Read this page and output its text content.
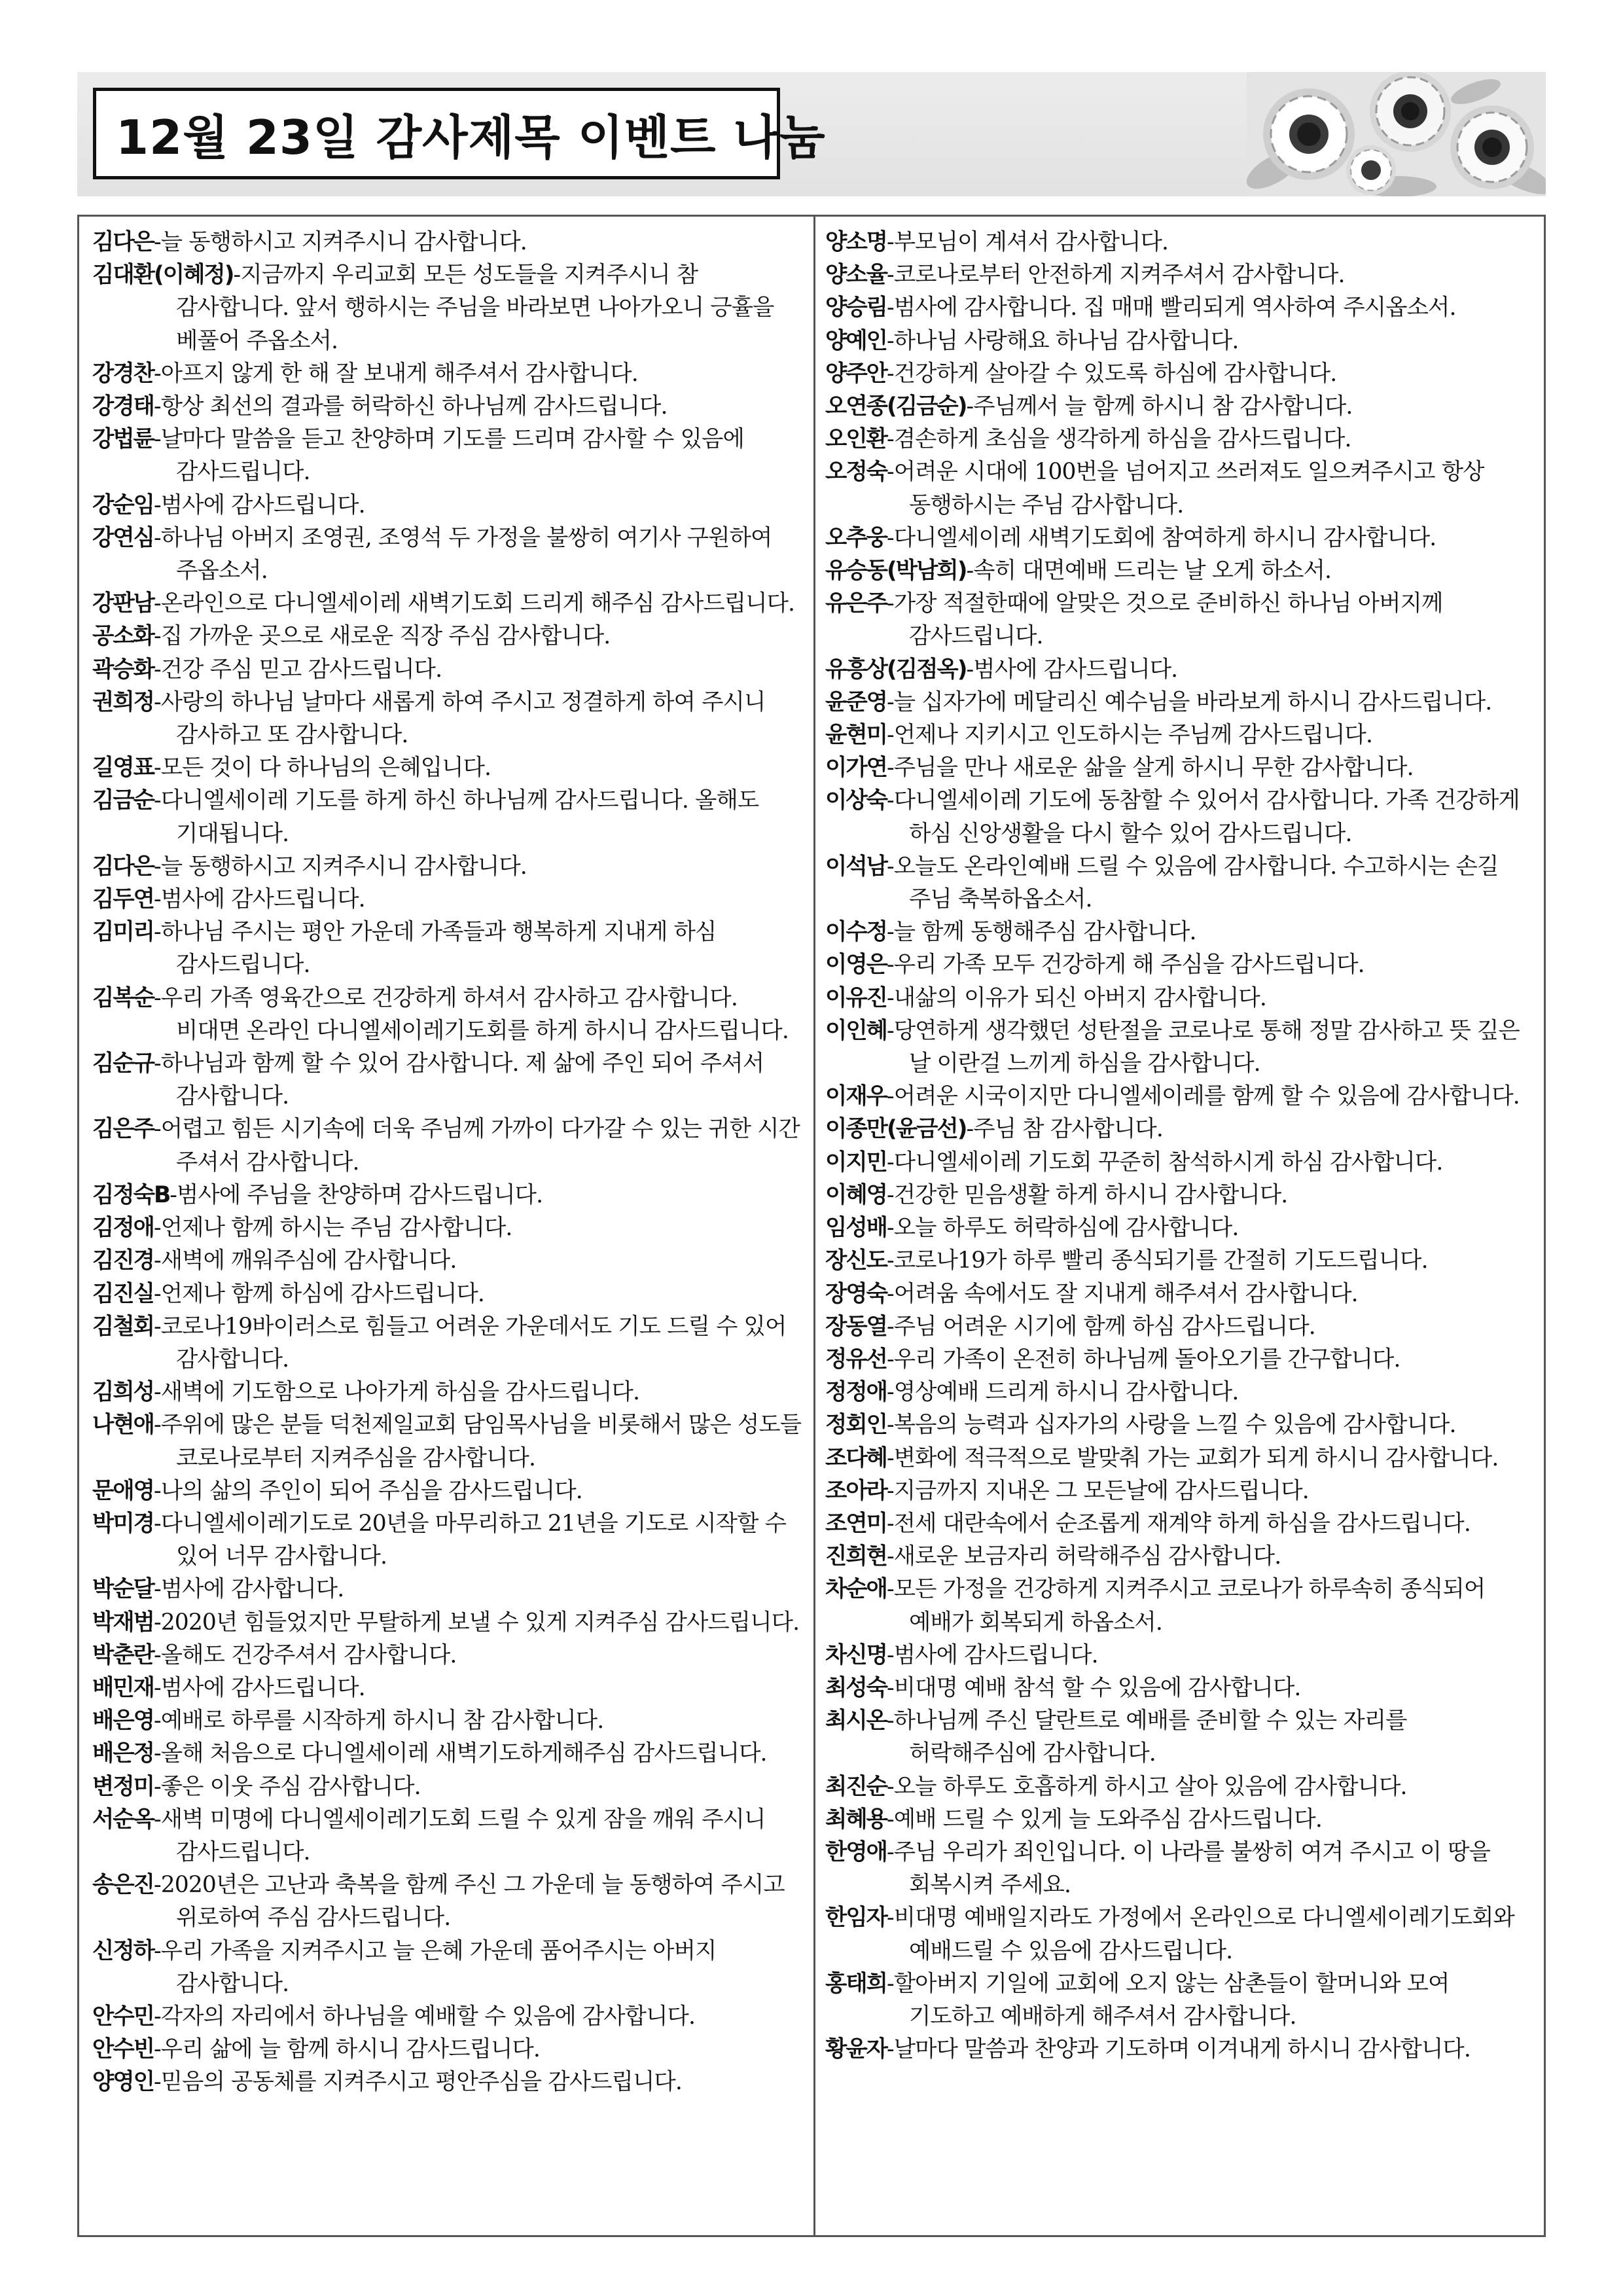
12월 23일 감사제목 이벤트 나눔
김다은-늘 동행하시고 지켜주시니 감사합니다.
김대환(이혜정)-지금까지 우리교회 모든 성도들을 지켜주시니 참 감사합니다. 앞서 행하시는 주님을 바라보면 나아가오니 긍휼을 베풀어 주옵소서.
강경찬-아프지 않게 한 해 잘 보내게 해주셔서 감사합니다.
강경태-항상 최선의 결과를 허락하신 하나님께 감사드립니다.
강법륜-날마다 말씀을 듣고 찬양하며 기도를 드리며 감사할 수 있음에 감사드립니다.
강순임-범사에 감사드립니다.
강연심-하나님 아버지 조영권, 조영석 두 가정을 불쌍히 여기사 구원하여 주옵소서.
강판남-온라인으로 다니엘세이레 새벽기도회 드리게 해주심 감사드립니다.
공소화-집 가까운 곳으로 새로운 직장 주심 감사합니다.
곽승화-건강 주심 믿고 감사드립니다.
권희정-사랑의 하나님 날마다 새롭게 하여 주시고 정결하게 하여 주시니 감사하고 또 감사합니다.
길영표-모든 것이 다 하나님의 은혜입니다.
김금순-다니엘세이레 기도를 하게 하신 하나님께 감사드립니다. 올해도 기대됩니다.
김다은-늘 동행하시고 지켜주시니 감사합니다.
김두연-범사에 감사드립니다.
김미리-하나님 주시는 평안 가운데 가족들과 행복하게 지내게 하심 감사드립니다.
김복순-우리 가족 영육간으로 건강하게 하셔서 감사하고 감사합니다. 비대면 온라인 다니엘세이레기도회를 하게 하시니 감사드립니다.
김순규-하나님과 함께 할 수 있어 감사합니다. 제 삶에 주인 되어 주셔서 감사합니다.
김은주-어렵고 힘든 시기속에 더욱 주님께 가까이 다가갈 수 있는 귀한 시간 주셔서 감사합니다.
김정숙B-범사에 주님을 찬양하며 감사드립니다.
김정애-언제나 함께 하시는 주님 감사합니다.
김진경-새벽에 깨워주심에 감사합니다.
김진실-언제나 함께 하심에 감사드립니다.
김철회-코로나19바이러스로 힘들고 어려운 가운데서도 기도 드릴 수 있어 감사합니다.
김희성-새벽에 기도함으로 나아가게 하심을 감사드립니다.
나현애-주위에 많은 분들 덕천제일교회 담임목사님을 비롯해서 많은 성도들 코로나로부터 지켜주심을 감사합니다.
문애영-나의 삶의 주인이 되어 주심을 감사드립니다.
박미경-다니엘세이레기도로 20년을 마무리하고 21년을 기도로 시작할 수 있어 너무 감사합니다.
박순달-범사에 감사합니다.
박재범-2020년 힘들었지만 무탈하게 보낼 수 있게 지켜주심 감사드립니다.
박춘란-올해도 건강주셔서 감사합니다.
배민재-범사에 감사드립니다.
배은영-예배로 하루를 시작하게 하시니 참 감사합니다.
배은정-올해 처음으로 다니엘세이레 새벽기도하게해주심 감사드립니다.
변정미-좋은 이웃 주심 감사합니다.
서순옥-새벽 미명에 다니엘세이레기도회 드릴 수 있게 잠을 깨워 주시니 감사드립니다.
송은진-2020년은 고난과 축복을 함께 주신 그 가운데 늘 동행하여 주시고 위로하여 주심 감사드립니다.
신정하-우리 가족을 지켜주시고 늘 은혜 가운데 품어주시는 아버지 감사합니다.
안수민-각자의 자리에서 하나님을 예배할 수 있음에 감사합니다.
안수빈-우리 삶에 늘 함께 하시니 감사드립니다.
양영인-믿음의 공동체를 지켜주시고 평안주심을 감사드립니다.
양소명-부모님이 계셔서 감사합니다.
양소율-코로나로부터 안전하게 지켜주셔서 감사합니다.
양승림-범사에 감사합니다. 집 매매 빨리되게 역사하여 주시옵소서.
양예인-하나님 사랑해요 하나님 감사합니다.
양주안-건강하게 살아갈 수 있도록 하심에 감사합니다.
오연종(김금순)-주님께서 늘 함께 하시니 참 감사합니다.
오인환-겸손하게 초심을 생각하게 하심을 감사드립니다.
오정숙-어려운 시대에 100번을 넘어지고 쓰러져도 일으켜주시고 항상 동행하시는 주님 감사합니다.
오추웅-다니엘세이레 새벽기도회에 참여하게 하시니 감사합니다.
유승동(박남희)-속히 대면예배 드리는 날 오게 하소서.
유은주-가장 적절한때에 알맞은 것으로 준비하신 하나님 아버지께 감사드립니다.
유흥상(김점옥)-범사에 감사드립니다.
윤준영-늘 십자가에 메달리신 예수님을 바라보게 하시니 감사드립니다.
윤현미-언제나 지키시고 인도하시는 주님께 감사드립니다.
이가연-주님을 만나 새로운 삶을 살게 하시니 무한 감사합니다.
이상숙-다니엘세이레 기도에 동참할 수 있어서 감사합니다. 가족 건강하게 하심 신앙생활을 다시 할수 있어 감사드립니다.
이석남-오늘도 온라인예배 드릴 수 있음에 감사합니다. 수고하시는 손길 주님 축복하옵소서.
이수정-늘 함께 동행해주심 감사합니다.
이영은-우리 가족 모두 건강하게 해 주심을 감사드립니다.
이유진-내삶의 이유가 되신 아버지 감사합니다.
이인혜-당연하게 생각했던 성탄절을 코로나로 통해 정말 감사하고 뜻 깊은 날 이란걸 느끼게 하심을 감사합니다.
이재우-어려운 시국이지만 다니엘세이레를 함께 할 수 있음에 감사합니다.
이종만(윤금선)-주님 참 감사합니다.
이지민-다니엘세이레 기도회 꾸준히 참석하시게 하심 감사합니다.
이혜영-건강한 믿음생활 하게 하시니 감사합니다.
임성배-오늘 하루도 허락하심에 감사합니다.
장신도-코로나19가 하루 빨리 종식되기를 간절히 기도드립니다.
장영숙-어려움 속에서도 잘 지내게 해주셔서 감사합니다.
장동열-주님 어려운 시기에 함께 하심 감사드립니다.
정유선-우리 가족이 온전히 하나님께 돌아오기를 간구합니다.
정정애-영상예배 드리게 하시니 감사합니다.
정회인-복음의 능력과 십자가의 사랑을 느낄 수 있음에 감사합니다.
조다혜-변화에 적극적으로 발맞춰 가는 교회가 되게 하시니 감사합니다.
조아라-지금까지 지내온 그 모든날에 감사드립니다.
조연미-전세 대란속에서 순조롭게 재계약 하게 하심을 감사드립니다.
진희현-새로운 보금자리 허락해주심 감사합니다.
차순애-모든 가정을 건강하게 지켜주시고 코로나가 하루속히 종식되어 예배가 회복되게 하옵소서.
차신명-범사에 감사드립니다.
최성숙-비대명 예배 참석 할 수 있음에 감사합니다.
최시온-하나님께 주신 달란트로 예배를 준비할 수 있는 자리를 허락해주심에 감사합니다.
최진순-오늘 하루도 호흡하게 하시고 살아 있음에 감사합니다.
최혜용-예배 드릴 수 있게 늘 도와주심 감사드립니다.
한영애-주님 우리가 죄인입니다. 이 나라를 불쌍히 여겨 주시고 이 땅을 회복시켜 주세요.
한임자-비대명 예배일지라도 가정에서 온라인으로 다니엘세이레기도회와 예배드릴 수 있음에 감사드립니다.
홍태희-할아버지 기일에 교회에 오지 않는 삼촌들이 할머니와 모여 기도하고 예배하게 해주셔서 감사합니다.
황윤자-날마다 말씀과 찬양과 기도하며 이겨내게 하시니 감사합니다.
